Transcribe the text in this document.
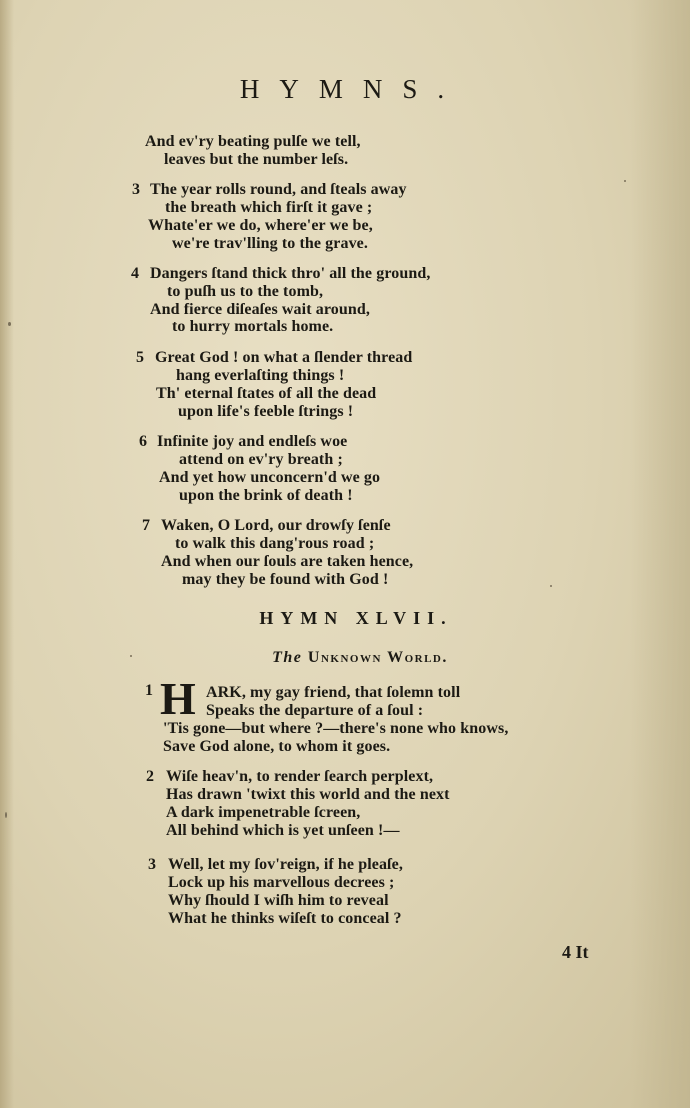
HYMNS.
And ev'ry beating pulſe we tell,
leaves but the number leſs.
3 The year rolls round, and ſteals away
the breath which firſt it gave ;
Whate'er we do, where'er we be,
we're trav'lling to the grave.
4 Dangers ſtand thick thro' all the ground,
to puſh us to the tomb,
And fierce diſeaſes wait around,
to hurry mortals home.
5 Great God ! on what a ſlender thread
hang everlaſting things !
Th' eternal ſtates of all the dead
upon life's feeble ſtrings !
6 Infinite joy and endleſs woe
attend on ev'ry breath ;
And yet how unconcern'd we go
upon the brink of death !
7 Waken, O Lord, our drowſy ſenſe
to walk this dang'rous road ;
And when our ſouls are taken hence,
may they be found with God !
HYMN XLVII.
The Unknown World.
1 H ARK, my gay friend, that ſolemn toll
Speaks the departure of a ſoul :
'Tis gone—but where ?—there's none who knows,
Save God alone, to whom it goes.
2 Wiſe heav'n, to render ſearch perplext,
Has drawn 'twixt this world and the next
A dark impenetrable ſcreen,
All behind which is yet unſeen !—
3 Well, let my ſov'reign, if he pleaſe,
Lock up his marvellous decrees ;
Why ſhould I wiſh him to reveal
What he thinks wiſeſt to conceal ?
4 It
